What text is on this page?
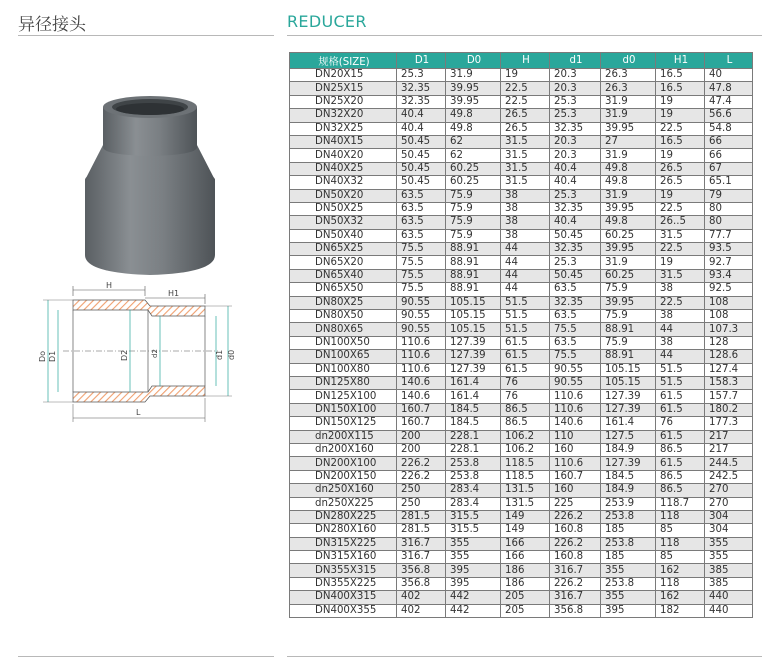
异径接头	REDUCER
H
H1
Do D1	D2	d2	d1 d0
L
规格(SIZE)	D1	D0	H	d1	d0	H1	L
DN20X15	25.3	31.9	19	20.3	26.3	16.5	40
DN25X15	32.35	39.95	22.5	20.3	26.3	16.5	47.8
DN25X20	32.35	39.95	22.5	25.3	31.9	19	47.4
DN32X20	40.4	49.8	26.5	25.3	31.9	19	56.6
DN32X25	40.4	49.8	26.5	32.35	39.95	22.5	54.8
DN40X15	50.45	62	31.5	20.3	27	16.5	66
DN40X20	50.45	62	31.5	20.3	31.9	19	66
DN40X25	50.45	60.25	31.5	40.4	49.8	26.5	67
DN40X32	50.45	60.25	31.5	40.4	49.8	26.5	65.1
DN50X20	63.5	75.9	38	25.3	31.9	19	79
DN50X25	63.5	75.9	38	32.35	39.95	22.5	80
DN50X32	63.5	75.9	38	40.4	49.8	26..5	80
DN50X40	63.5	75.9	38	50.45	60.25	31.5	77.7
DN65X25	75.5	88.91	44	32.35	39.95	22.5	93.5
DN65X20	75.5	88.91	44	25.3	31.9	19	92.7
DN65X40	75.5	88.91	44	50.45	60.25	31.5	93.4
DN65X50	75.5	88.91	44	63.5	75.9	38	92.5
DN80X25	90.55	105.15	51.5	32.35	39.95	22.5	108
DN80X50	90.55	105.15	51.5	63.5	75.9	38	108
DN80X65	90.55	105.15	51.5	75.5	88.91	44	107.3
DN100X50	110.6	127.39	61.5	63.5	75.9	38	128
DN100X65	110.6	127.39	61.5	75.5	88.91	44	128.6
DN100X80	110.6	127.39	61.5	90.55	105.15	51.5	127.4
DN125X80	140.6	161.4	76	90.55	105.15	51.5	158.3
DN125X100	140.6	161.4	76	110.6	127.39	61.5	157.7
DN150X100	160.7	184.5	86.5	110.6	127.39	61.5	180.2
DN150X125	160.7	184.5	86.5	140.6	161.4	76	177.3
dn200X115	200	228.1	106.2	110	127.5	61.5	217
dn200X160	200	228.1	106.2	160	184.9	86.5	217
DN200X100	226.2	253.8	118.5	110.6	127.39	61.5	244.5
DN200X150	226.2	253.8	118.5	160.7	184.5	86.5	242.5
dn250X160	250	283.4	131.5	160	184.9	86.5	270
dn250X225	250	283.4	131.5	225	253.9	118.7	270
DN280X225	281.5	315.5	149	226.2	253.8	118	304
DN280X160	281.5	315.5	149	160.8	185	85	304
DN315X225	316.7	355	166	226.2	253.8	118	355
DN315X160	316.7	355	166	160.8	185	85	355
DN355X315	356.8	395	186	316.7	355	162	385
DN355X225	356.8	395	186	226.2	253.8	118	385
DN400X315	402	442	205	316.7	355	162	440
DN400X355	402	442	205	356.8	395	182	440
